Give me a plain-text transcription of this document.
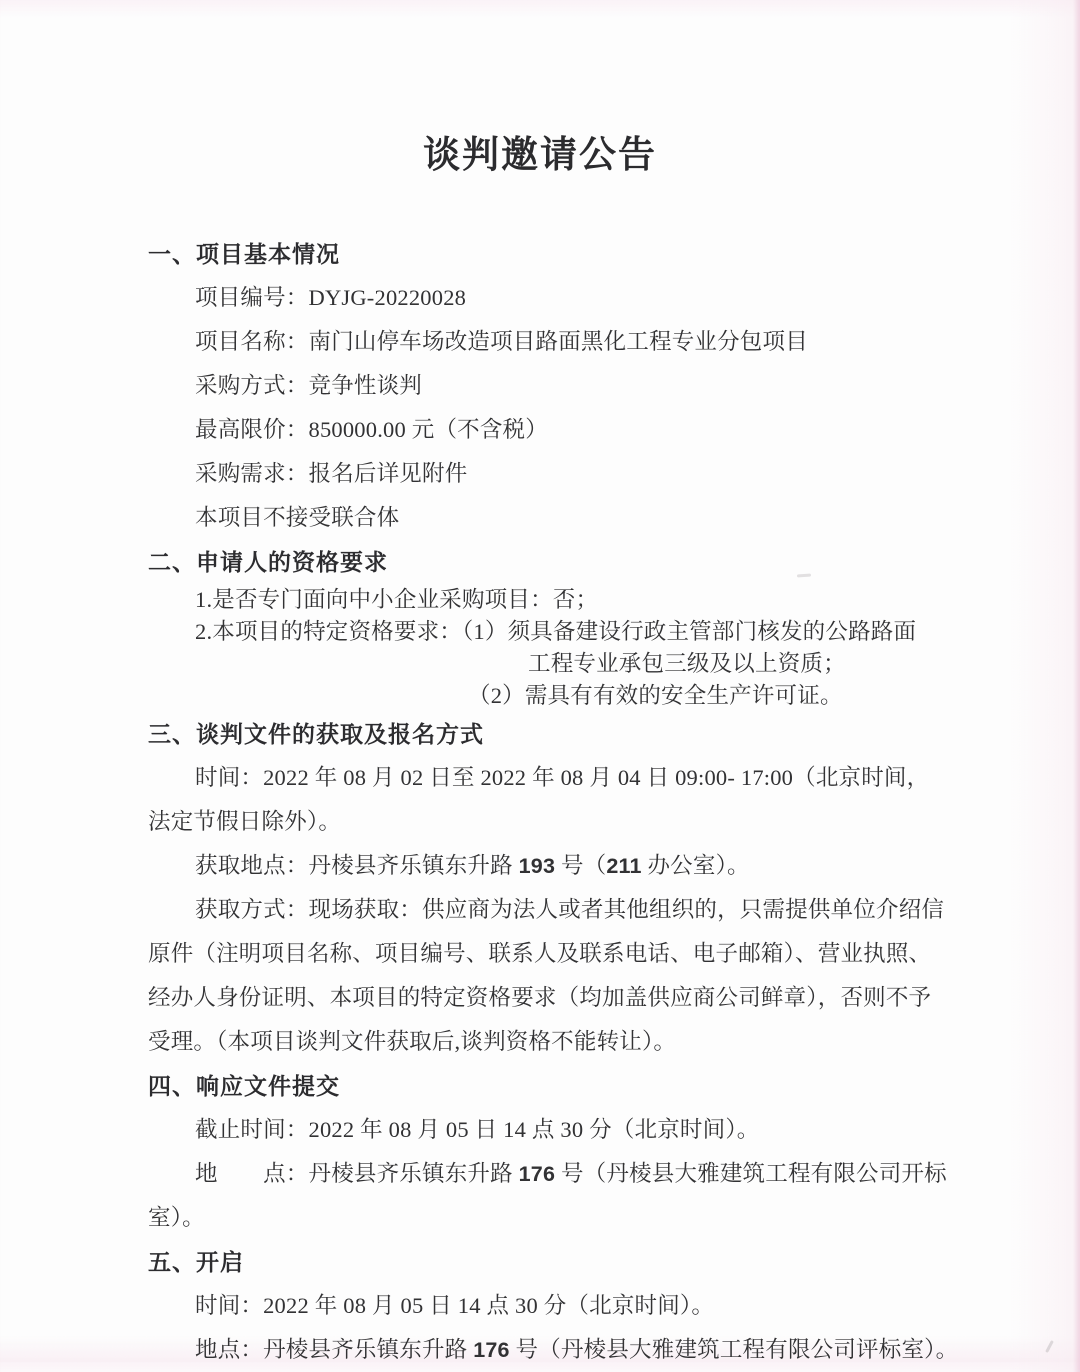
谈判邀请公告
一、项目基本情况
项目编号：DYJG-20220028
项目名称：南门山停车场改造项目路面黑化工程专业分包项目
采购方式：竞争性谈判
最高限价：850000.00 元（不含税）
采购需求：报名后详见附件
本项目不接受联合体
二、申请人的资格要求
1.是否专门面向中小企业采购项目：否；
2.本项目的特定资格要求：（1）须具备建设行政主管部门核发的公路路面
工程专业承包三级及以上资质；
（2）需具有有效的安全生产许可证。
三、谈判文件的获取及报名方式
时间：2022 年 08 月 02 日至 2022 年 08 月 04 日 09:00- 17:00（北京时间，
法定节假日除外）。
获取地点：丹棱县齐乐镇东升路 193 号（211 办公室）。
获取方式：现场获取：供应商为法人或者其他组织的，只需提供单位介绍信
原件（注明项目名称、项目编号、联系人及联系电话、电子邮箱）、营业执照、
经办人身份证明、本项目的特定资格要求（均加盖供应商公司鲜章），否则不予
受理。（本项目谈判文件获取后,谈判资格不能转让）。
四、响应文件提交
截止时间：2022 年 08 月 05 日 14 点 30 分（北京时间）。
地　　点：丹棱县齐乐镇东升路 176 号（丹棱县大雅建筑工程有限公司开标
室）。
五、开启
时间：2022 年 08 月 05 日 14 点 30 分（北京时间）。
地点：丹棱县齐乐镇东升路 176 号（丹棱县大雅建筑工程有限公司评标室）。
